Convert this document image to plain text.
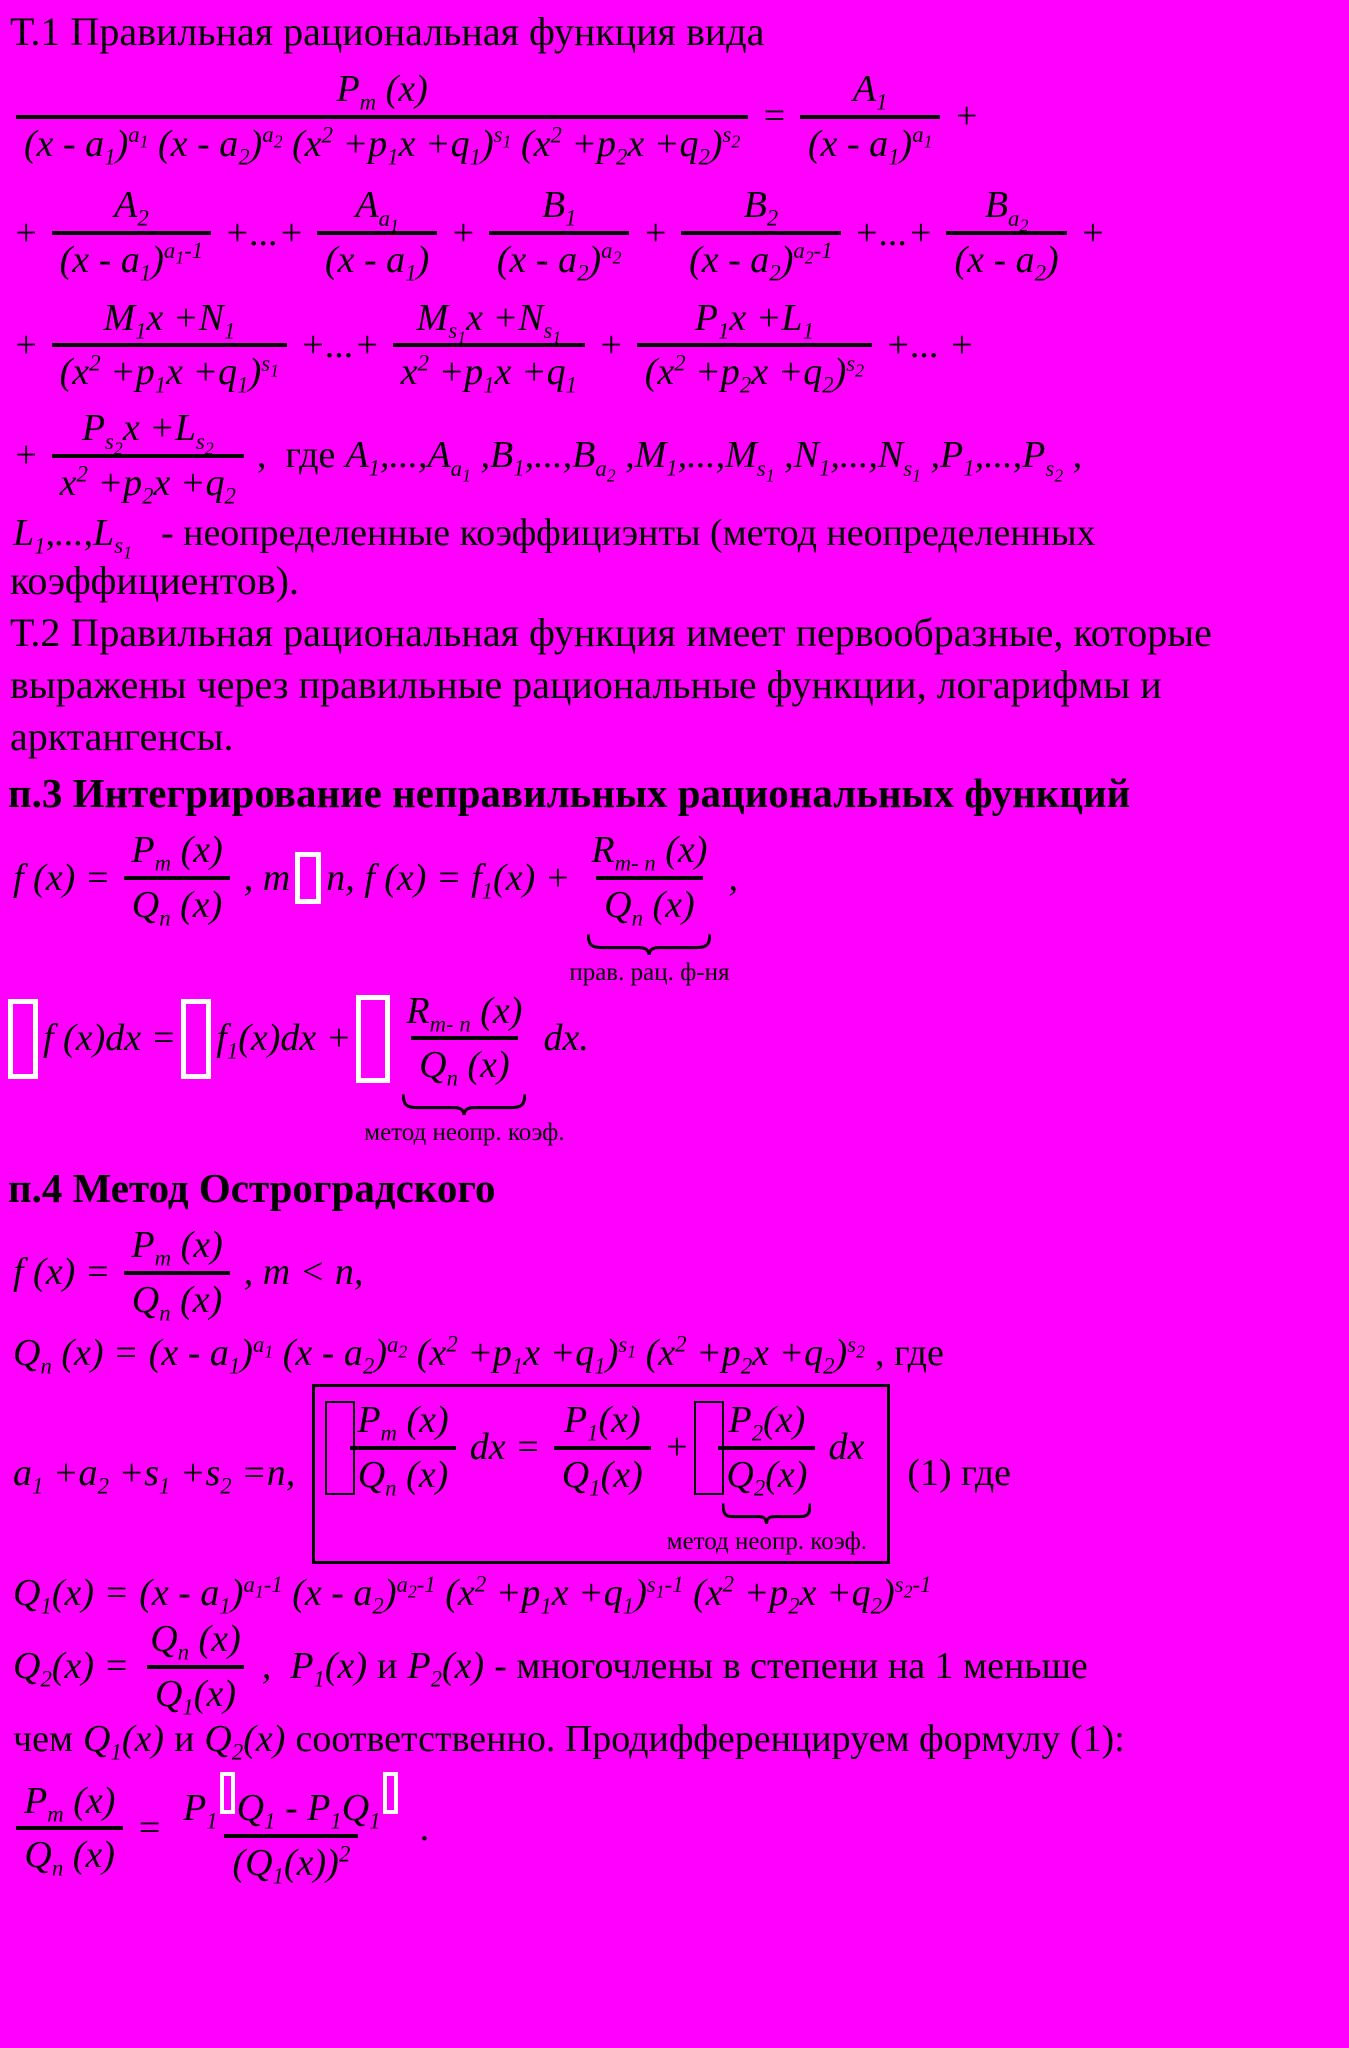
Т.1 Правильная рациональная функция вида
$\frac{P_m (x)}{(x - a_1)^{a_1} (x - a_2)^{a_2} (x^2 +p_1x +q_1)^{s_1} (x^2 +p_2x +q_2)^{s_2}} = \frac{A_1}{(x - a_1)^{a_1}}$ +
+ $\frac{A_2}{(x - a_1)^{a_1-1}}$ +...+ $\frac{A_{a_1}}{(x - a_1)} + \frac{B_1}{(x - a_2)^{a_2}} + \frac{B_2}{(x - a_2)^{a_2-1}}$ +...+ $\frac{B_{a_2}}{(x - a_2)}$ +
+ $\frac{M_1x +N_1}{(x^2 +p_1x +q_1)^{s_1}}$ +...+ $\frac{M_{s_1}x +N_{s_1}}{x^2 +p_1x +q_1} + \frac{P_1x +L_1}{(x^2 +p_2x +q_2)^{s_2}}$ +... +
+ $\frac{P_{s_2}x +L_{s_2}}{x^2 +p_2x +q_2}$ ,  где $A_1,...,A_{a_1}$ $,B_1,...,B_{a_2}$ $,M_1,...,M_{s_1}$ $,N_1,...,N_{s_1}$ $,P_1,...,P_{s_2}$ ,
$L_1,...,L_{s_1}$ - неопределенные коэффициэнты (метод неопределенных
коэффициентов).
Т.2 Правильная рациональная функция имеет первообразные, которые
выражены через правильные рациональные функции, логарифмы и
арктангенсы.
п.3 Интегрирование неправильных рациональных функций
f $(x) = \frac{P_m (x)}{Q_n (x)}$ , m n, f $(x) = f_1(x)$ +
$R_{m- n}$ (x)
$Q_n$ (x)
прав. рац. ф-ня
,
f $(x)dx = f_1(x)dx$ +
$R_{m- n}$ (x)
$Q_n$ (x)
метод неопр. коэф.
dx.
п.4 Метод Остроградского
f $(x) = \frac{P_m (x)}{Q_n (x)}$ , m < n,
$Q_n$ $(x) = (x - a_1)^{a_1}$ $(x - a_2)^{a_2}$ $(x^2 +p_1x +q_1)^{s_1}$ $(x^2 +p_2x +q_2)^{s_2}$ , где
$a_1 +a_2 +s_1 +s_2 =n$, $\frac{P_m (x)}{Q_n (x)}$ dx = $\frac{P_1(x)}{Q_1(x)}$ +
$P_2(x)$
$Q_2(x)$
метод неопр. коэф.
dx
(1) где
$Q_1(x) = (x - a_1)^{a_1-1}$ $(x - a_2)^{a_2-1}$ $(x^2 +p_1x +q_1)^{s_1-1}$ $(x^2 +p_2x +q_2)^{s_2-1}$
$Q_2(x) = \frac{Q_n (x)}{Q_1(x)}$ ,  $P_1(x)$ и $P_2(x)$ - многочлены в степени на 1 меньше
чем $Q_1(x)$ и $Q_2(x)$ соответственно. Продифференцируем формулу (1):
$\frac{P_m (x)}{Q_n (x)} = \frac{P_1 Q_1 - P_1Q_1}{(Q_1(x))^2}$ .
